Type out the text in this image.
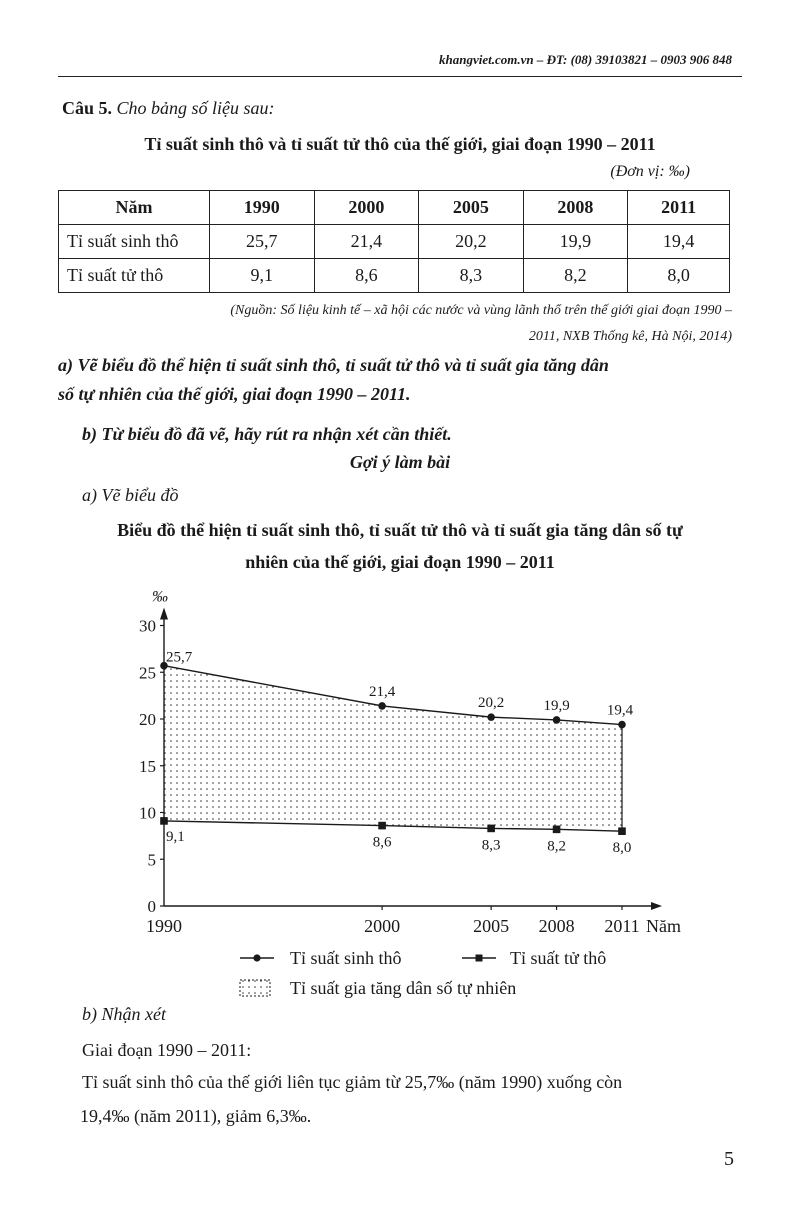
khangviet.com.vn – ĐT: (08) 39103821 – 0903 906 848
Câu 5. Cho bảng số liệu sau:
Tỉ suất sinh thô và tỉ suất tử thô của thế giới, giai đoạn 1990 – 2011
(Đơn vị: ‰)
Năm	1990	2000	2005	2008	2011
Tỉ suất sinh thô	25,7	21,4	20,2	19,9	19,4
Tỉ suất tử thô	9,1	8,6	8,3	8,2	8,0
(Nguồn: Số liệu kinh tế – xã hội các nước và vùng lãnh thổ trên thế giới giai đoạn 1990 –
2011, NXB Thống kê, Hà Nội, 2014)
a) Vẽ biểu đồ thể hiện tỉ suất sinh thô, tỉ suất tử thô và tỉ suất gia tăng dân
số tự nhiên của thế giới, giai đoạn 1990 – 2011.
b) Từ biểu đồ đã vẽ, hãy rút ra nhận xét cần thiết.
Gợi ý làm bài
a) Vẽ biểu đồ
Biểu đồ thể hiện tỉ suất sinh thô, tỉ suất tử thô và tỉ suất gia tăng dân số tự
nhiên của thế giới, giai đoạn 1990 – 2011
‰
0
5
10
15
20
25
30
1990	2000	2005 2008 2011 Năm
25,7
9,1
21,4
8,6
20,2
8,3
19,9
8,2
19,4
8,0
Tỉ suất sinh thô	Tỉ suất tử thô
Tỉ suất gia tăng dân số tự nhiên
b) Nhận xét
Giai đoạn 1990 – 2011:
Tỉ suất sinh thô của thế giới liên tục giảm từ 25,7‰ (năm 1990) xuống còn
19,4‰ (năm 2011), giảm 6,3‰.
5
